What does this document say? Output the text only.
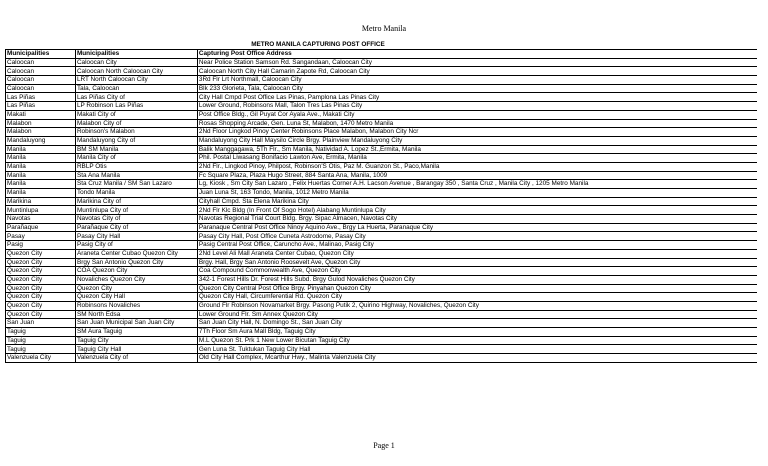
Metro Manila
METRO MANILA CAPTURING POST OFFICE
Municipalities	Municipalities	Capturing Post Office Address
Caloocan	Caloocan City	Near Police Station Samson Rd. Sangandaan, Caloocan City
Caloocan	Caloocan North Caloocan City	Caloocan North City Hall Camarin Zapote Rd, Caloocan City
Caloocan	LRT North Caloocan City	3Rd Flr Lrt Northmall, Caloocan City
Caloocan	Tala, Caloocan	Blk 233 Glorieta, Tala, Caloocan City
Las Piñas	Las Piñas City of	City Hall Cmpd Post Office Las Pinas, Pamplona Las Pinas City
Las Piñas	LP Robinson Las Piñas	Lower Ground, Robinsons Mall, Talon Tres Las Pinas City
Makati	Makati City of	Post Office Bldg., Gil Puyat Cor Ayala Ave., Makati City
Malabon	Malabon City of	Rosas Shopping Arcade, Gen. Luna St, Malabon, 1470 Metro Manila
Malabon	Robinson's Malabon	2Nd Floor Lingkod Pinoy Center Robinsons Place Malabon, Malabon City Ncr
Mandaluyong	Mandaluyong City of	Mandaluyong City Hall Maysilo Circle Brgy. Plainview Mandaluyong City
Manila	BM SM Manila	Balik Manggagawa, 5Th Flr., Sm Manila, Natividad A. Lopez St.,Ermita, Manila
Manila	Manila City of	Phil. Postal Liwasang Bonifacio Lawton Ave, Ermita, Manila
Manila	RBLP Otis	2Nd Flr., Lingkod Pinoy, Philpost, Robinson'S Otis, Paz M. Guanzon St., Paco,Manila
Manila	Sta Ana Manila	Fc Square Plaza, Plaza Hugo Street, 884 Santa Ana, Manila, 1009
Manila	Sta Cruz Manila / SM San Lazaro	Lg, Kiosk , Sm City San Lazaro , Felix Huertas Corner A.H. Lacson Avenue , Barangay 350 , Santa Cruz , Manila City , 1205 Metro Manila
Manila	Tondo Manila	Juan Luna St, 163 Tondo, Manila, 1012 Metro Manila
Marikina	Marikina City of	Cityhall Cmpd. Sta Elena Marikina City
Muntinlupa	Muntinlupa City of	2Nd Flr Klc Bldg (In Front Of Sogo Hotel) Alabang Muntinlupa City
Navotas	Navotas City of	Navotas Regional Trial Court Bldg. Brgy. Sipac Almacen, Navotas City
Parañaque	Parañaque City of	Paranaque Central Post Office Ninoy Aquino Ave., Brgy La Huerta, Paranaque City
Pasay	Pasay City Hall	Pasay City Hall, Post Office Cuneta Astrodome, Pasay City
Pasig	Pasig City of	Pasig Central Post Office, Caruncho Ave., Malinao, Pasig City
Quezon City	Araneta Center Cubao Quezon City	2Nd Level Ali Mall Araneta Center Cubao, Quezon City
Quezon City	Brgy San Antonio Quezon City	Brgy. Hall, Brgy San Antonio Roosevelt Ave, Quezon City
Quezon City	COA Quezon City	Coa Compound Commonwealth Ave, Quezon City
Quezon City	Novaliches Quezon City	342-1 Forest Hills Dr. Forest Hills Subd. Brgy Gulod Novaliches Quezon City
Quezon City	Quezon City	Quezon City Central Post Office Brgy. Pinyahan Quezon City
Quezon City	Quezon City Hall	Quezon City Hall, Circumferential Rd. Quezon City
Quezon City	Robinsons Novaliches	Ground Flr Robinson Novamarket Brgy. Pasong Putik 2, Quirino Highway, Novaliches, Quezon City
Quezon City	SM North Edsa	Lower Ground Flr. Sm Annex Quezon City
San Juan	San Juan Municipal San Juan City	San Juan City Hall, N. Domingo St., San Juan City
Taguig	SM Aura Taguig	7Th Floor Sm Aura Mall Bldg, Taguig City
Taguig	Taguig City	M.L Quezon St. Prk 1 New Lower Bicutan Taguig City
Taguig	Taguig City Hall	Gen Luna St. Tuktukan Taguig City Hall
Valenzuela City	Valenzuela City of	Old City Hall Complex, Mcarthur Hwy., Malinta Valenzuela City
Page 1
